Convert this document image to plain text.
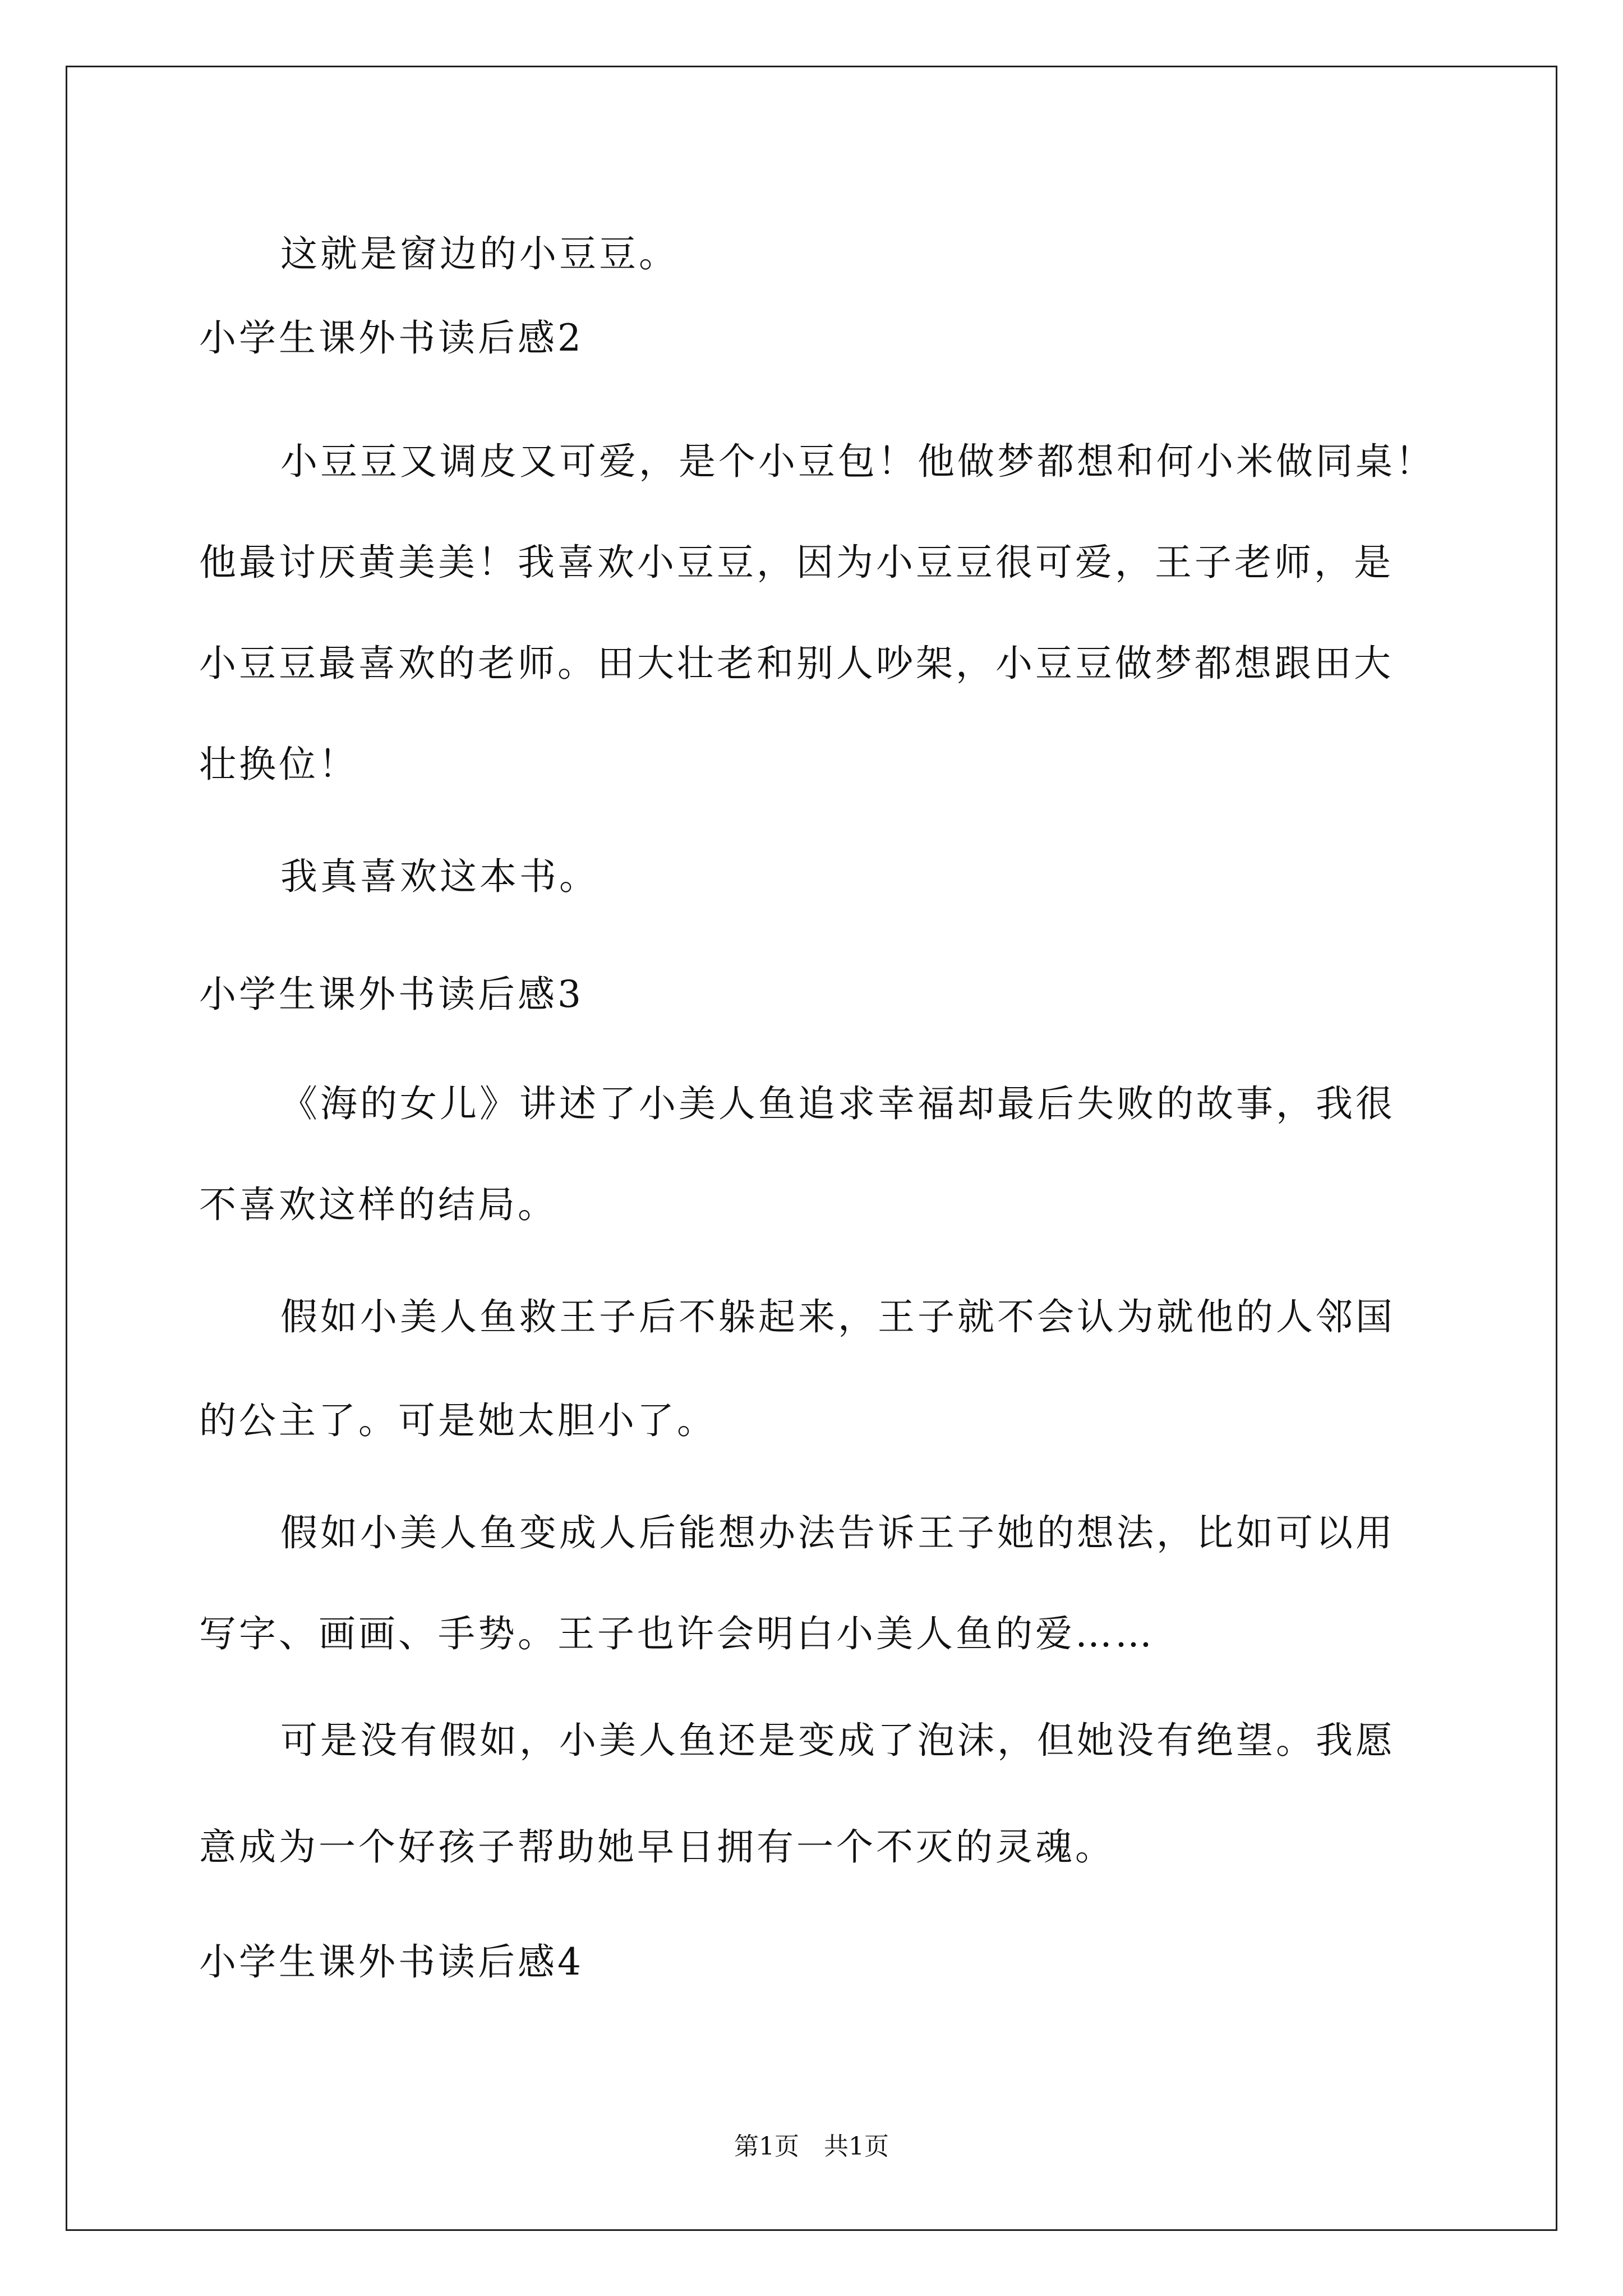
这就是窗边的小豆豆。
小学生课外书读后感2
小豆豆又调皮又可爱，是个小豆包！他做梦都想和何小米做同桌！
他最讨厌黄美美！我喜欢小豆豆，因为小豆豆很可爱，王子老师，是
小豆豆最喜欢的老师。田大壮老和别人吵架，小豆豆做梦都想跟田大
壮换位！
我真喜欢这本书。
小学生课外书读后感3
《海的女儿》讲述了小美人鱼追求幸福却最后失败的故事，我很
不喜欢这样的结局。
假如小美人鱼救王子后不躲起来，王子就不会认为就他的人邻国
的公主了。可是她太胆小了。
假如小美人鱼变成人后能想办法告诉王子她的想法，比如可以用
写字、画画、手势。王子也许会明白小美人鱼的爱……
可是没有假如，小美人鱼还是变成了泡沫，但她没有绝望。我愿
意成为一个好孩子帮助她早日拥有一个不灭的灵魂。
小学生课外书读后感4
第1页　共1页
